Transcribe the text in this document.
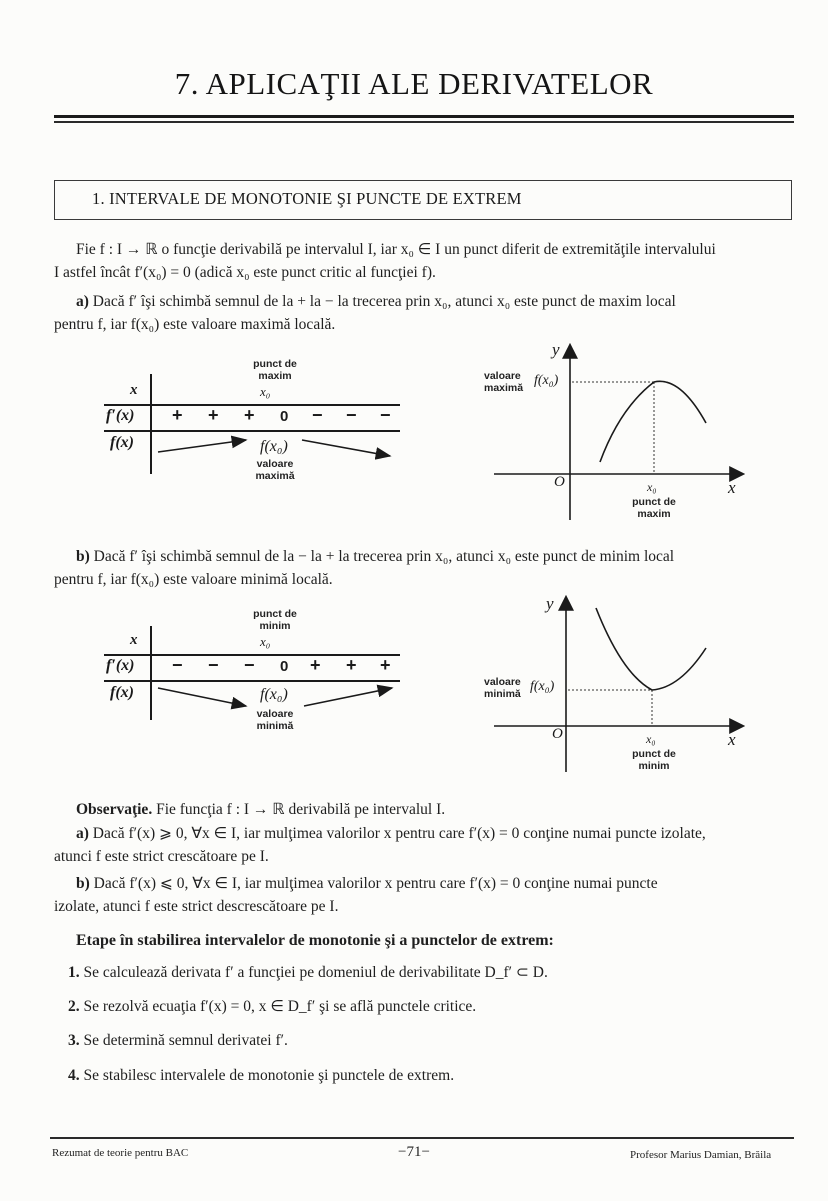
7. APLICAŢII ALE DERIVATELOR
1. INTERVALE DE MONOTONIE ŞI PUNCTE DE EXTREM
Fie f : I → ℝ o funcţie derivabilă pe intervalul I, iar x₀ ∈ I un punct diferit de extremităţile intervalului
I astfel încât f′(x₀) = 0 (adică x₀ este punct critic al funcţiei f).
a) Dacă f′ îşi schimbă semnul de la + la − la trecerea prin x₀, atunci x₀ este punct de maxim local
pentru f, iar f(x₀) este valoare maximă locală.
punct de
maxim
x	x₀
f′(x) + + + 0 − − −
f(x)	f(x₀)
valoare
maximă
y
x
O
valoare
maximă f(x₀)
x₀
punct de
maxim
b) Dacă f′ îşi schimbă semnul de la − la + la trecerea prin x₀, atunci x₀ este punct de minim local
pentru f, iar f(x₀) este valoare minimă locală.
punct de
minim
x	x₀
f′(x) − − − 0 + + +
f(x)	f(x₀)
valoare
minimă
y
x
O
valoare
minimă f(x₀)
x₀
punct de
minim
Observaţie. Fie funcţia f : I → ℝ derivabilă pe intervalul I.
a) Dacă f′(x) ⩾ 0, ∀x ∈ I, iar mulţimea valorilor x pentru care f′(x) = 0 conţine numai puncte izolate,
atunci f este strict crescătoare pe I.
b) Dacă f′(x) ⩽ 0, ∀x ∈ I, iar mulţimea valorilor x pentru care f′(x) = 0 conţine numai puncte
izolate, atunci f este strict descrescătoare pe I.
Etape în stabilirea intervalelor de monotonie şi a punctelor de extrem:
1. Se calculează derivata f′ a funcţiei pe domeniul de derivabilitate D_f′ ⊂ D.
2. Se rezolvă ecuaţia f′(x) = 0, x ∈ D_f′ şi se află punctele critice.
3. Se determină semnul derivatei f′.
4. Se stabilesc intervalele de monotonie şi punctele de extrem.
Rezumat de teorie pentru BAC	−71−	Profesor Marius Damian, Brăila
